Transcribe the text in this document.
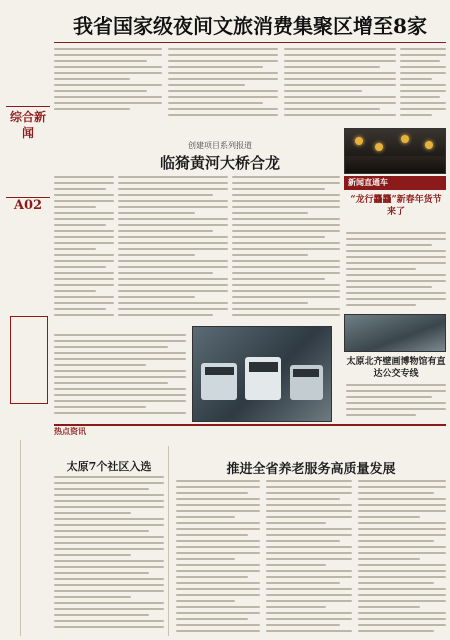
我省国家级夜间文旅消费集聚区增至8家
综合新闻
A02
创建项目系列报道
临猗黄河大桥合龙
新闻直通车
“龙行龘龘”新春年货节来了
太原北齐壁画博物馆有直达公交专线
热点资讯
太原7个社区入选	推进全省养老服务高质量发展
